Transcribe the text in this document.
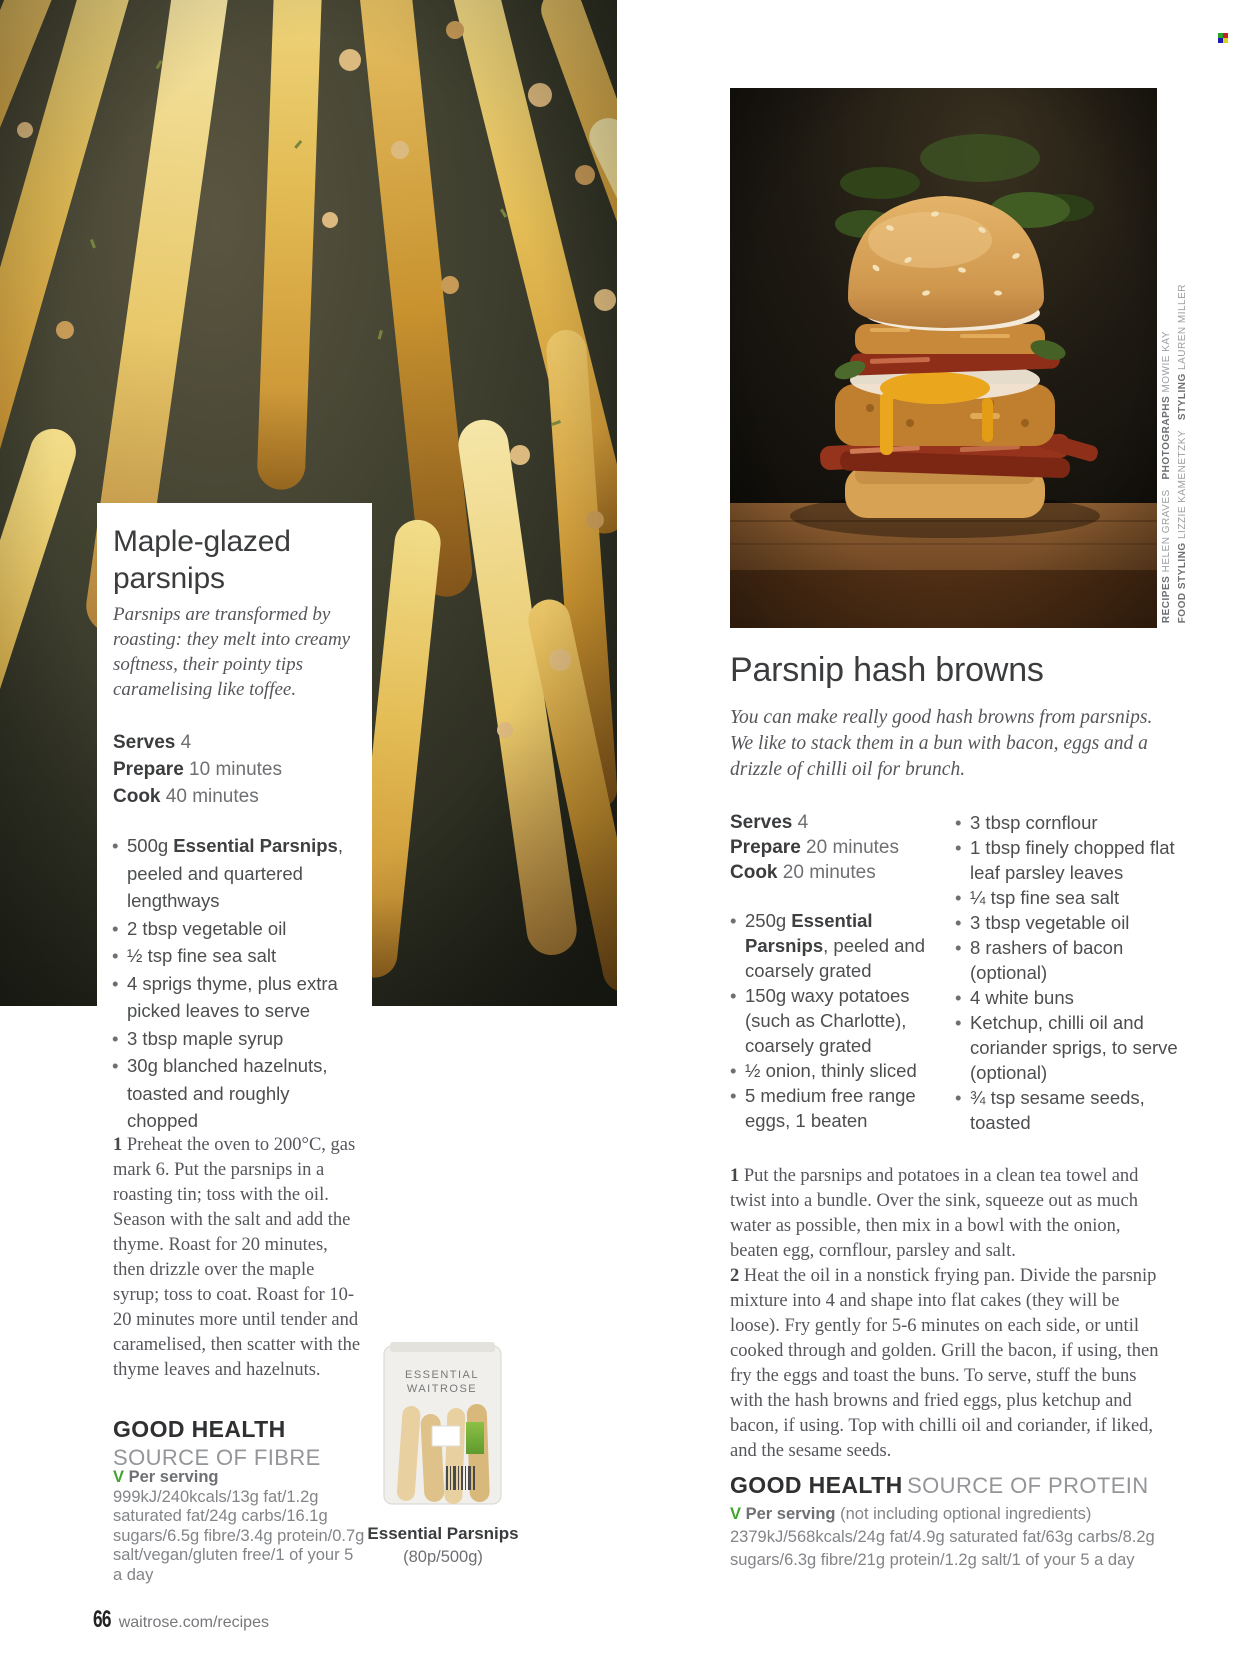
Maple-glazed parsnips

Parsnips are transformed by roasting: they melt into creamy softness, their pointy tips caramelising like toffee.

Serves 4
Prepare 10 minutes
Cook 40 minutes
• 500g Essential Parsnips, peeled and quartered lengthways
• 2 tbsp vegetable oil
• ½ tsp fine sea salt
• 4 sprigs thyme, plus extra picked leaves to serve
• 3 tbsp maple syrup
• 30g blanched hazelnuts, toasted and roughly chopped

1 Preheat the oven to 200°C, gas mark 6. Put the parsnips in a roasting tin; toss with the oil. Season with the salt and add the thyme. Roast for 20 minutes, then drizzle over the maple syrup; toss to coat. Roast for 10-20 minutes more until tender and caramelised, then scatter with the thyme leaves and hazelnuts.

GOOD HEALTH
SOURCE OF FIBRE

V Per serving 999kJ/240kcals/13g fat/1.2g saturated fat/24g carbs/16.1g sugars/6.5g fibre/3.4g protein/0.7g salt/vegan/gluten free/1 of your 5 a day

ESSENTIAL
WAITROSE
Essential Parsnips
(80p/500g)
RECIPES HELEN GRAVES   PHOTOGRAPHS MOWIE KAY
FOOD STYLING LIZZIE KAMENETZKY   STYLING LAUREN MILLER
Parsnip hash browns

You can make really good hash browns from parsnips. We like to stack them in a bun with bacon, eggs and a drizzle of chilli oil for brunch.

Serves 4
Prepare 20 minutes
Cook 20 minutes
• 250g Essential Parsnips, peeled and coarsely grated
• 150g waxy potatoes (such as Charlotte), coarsely grated
• ½ onion, thinly sliced
• 5 medium free range eggs, 1 beaten
• 3 tbsp cornflour
• 1 tbsp finely chopped flat leaf parsley leaves
• ¼ tsp fine sea salt
• 3 tbsp vegetable oil
• 8 rashers of bacon (optional)
• 4 white buns
• Ketchup, chilli oil and coriander sprigs, to serve (optional)
• ¾ tsp sesame seeds, toasted

1 Put the parsnips and potatoes in a clean tea towel and twist into a bundle. Over the sink, squeeze out as much water as possible, then mix in a bowl with the onion, beaten egg, cornflour, parsley and salt.

2 Heat the oil in a nonstick frying pan. Divide the parsnip mixture into 4 and shape into flat cakes (they will be loose). Fry gently for 5-6 minutes on each side, or until cooked through and golden. Grill the bacon, if using, then fry the eggs and toast the buns. To serve, stuff the buns with the hash browns and fried eggs, plus ketchup and bacon, if using. Top with chilli oil and coriander, if liked, and the sesame seeds.

GOOD HEALTH SOURCE OF PROTEIN

V Per serving (not including optional ingredients)
2379kJ/568kcals/24g fat/4.9g saturated fat/63g carbs/8.2g sugars/6.3g fibre/21g protein/1.2g salt/1 of your 5 a day

66 waitrose.com/recipes
